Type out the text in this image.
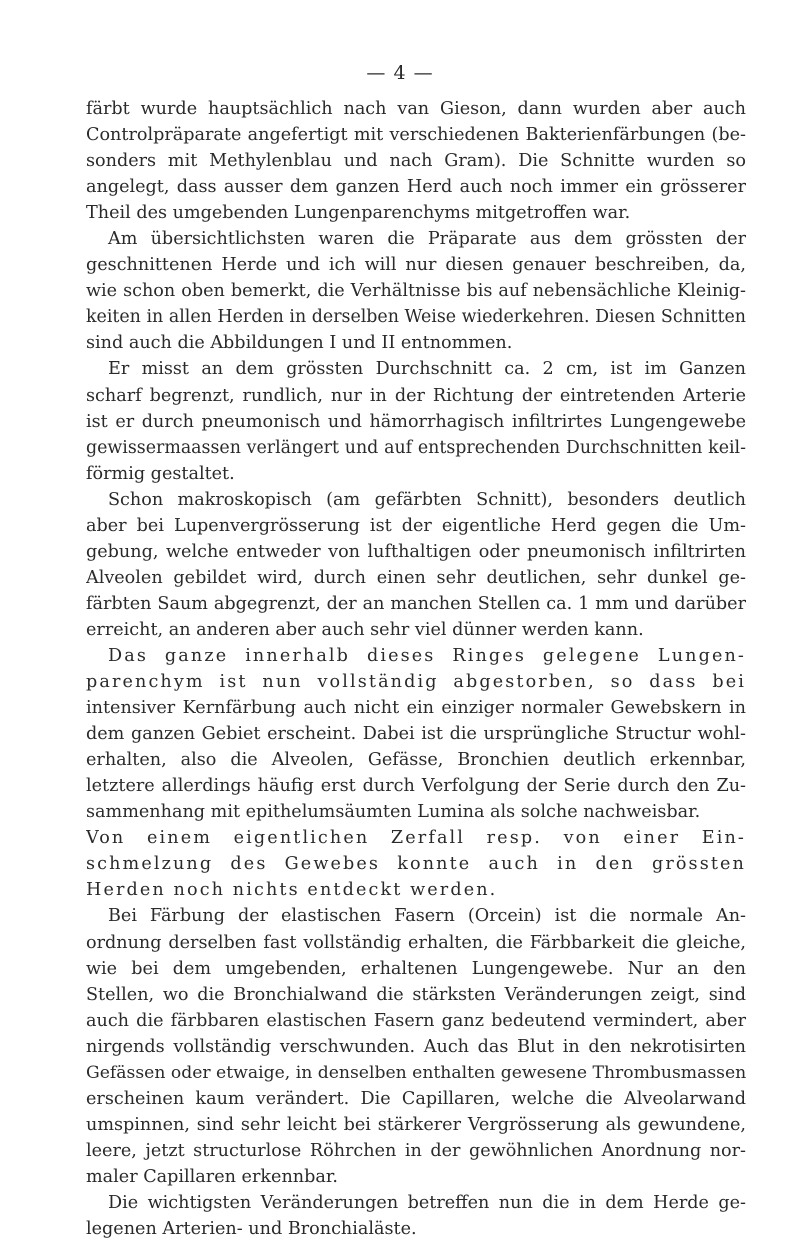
— 4 —
färbt wurde hauptsächlich nach van Gieson, dann wurden aber auch
Controlpräparate angefertigt mit verschiedenen Bakterienfärbungen (be-
sonders mit Methylenblau und nach Gram). Die Schnitte wurden so
angelegt, dass ausser dem ganzen Herd auch noch immer ein grösserer
Theil des umgebenden Lungenparenchyms mitgetroffen war.
Am übersichtlichsten waren die Präparate aus dem grössten der
geschnittenen Herde und ich will nur diesen genauer beschreiben, da,
wie schon oben bemerkt, die Verhältnisse bis auf nebensächliche Kleinig-
keiten in allen Herden in derselben Weise wiederkehren. Diesen Schnitten
sind auch die Abbildungen I und II entnommen.
Er misst an dem grössten Durchschnitt ca. 2 cm, ist im Ganzen
scharf begrenzt, rundlich, nur in der Richtung der eintretenden Arterie
ist er durch pneumonisch und hämorrhagisch infiltrirtes Lungengewebe
gewissermaassen verlängert und auf entsprechenden Durchschnitten keil-
förmig gestaltet.
Schon makroskopisch (am gefärbten Schnitt), besonders deutlich
aber bei Lupenvergrösserung ist der eigentliche Herd gegen die Um-
gebung, welche entweder von lufthaltigen oder pneumonisch infiltrirten
Alveolen gebildet wird, durch einen sehr deutlichen, sehr dunkel ge-
färbten Saum abgegrenzt, der an manchen Stellen ca. 1 mm und darüber
erreicht, an anderen aber auch sehr viel dünner werden kann.
Das ganze innerhalb dieses Ringes gelegene Lungen-
parenchym ist nun vollständig abgestorben, so dass bei
intensiver Kernfärbung auch nicht ein einziger normaler Gewebskern in
dem ganzen Gebiet erscheint. Dabei ist die ursprüngliche Structur wohl-
erhalten, also die Alveolen, Gefässe, Bronchien deutlich erkennbar,
letztere allerdings häufig erst durch Verfolgung der Serie durch den Zu-
sammenhang mit epithelumsäumten Lumina als solche nachweisbar.
Von einem eigentlichen Zerfall resp. von einer Ein-
schmelzung des Gewebes konnte auch in den grössten
Herden noch nichts entdeckt werden.
Bei Färbung der elastischen Fasern (Orcein) ist die normale An-
ordnung derselben fast vollständig erhalten, die Färbbarkeit die gleiche,
wie bei dem umgebenden, erhaltenen Lungengewebe. Nur an den
Stellen, wo die Bronchialwand die stärksten Veränderungen zeigt, sind
auch die färbbaren elastischen Fasern ganz bedeutend vermindert, aber
nirgends vollständig verschwunden. Auch das Blut in den nekrotisirten
Gefässen oder etwaige, in denselben enthalten gewesene Thrombusmassen
erscheinen kaum verändert. Die Capillaren, welche die Alveolarwand
umspinnen, sind sehr leicht bei stärkerer Vergrösserung als gewundene,
leere, jetzt structurlose Röhrchen in der gewöhnlichen Anordnung nor-
maler Capillaren erkennbar.
Die wichtigsten Veränderungen betreffen nun die in dem Herde ge-
legenen Arterien- und Bronchialäste.
